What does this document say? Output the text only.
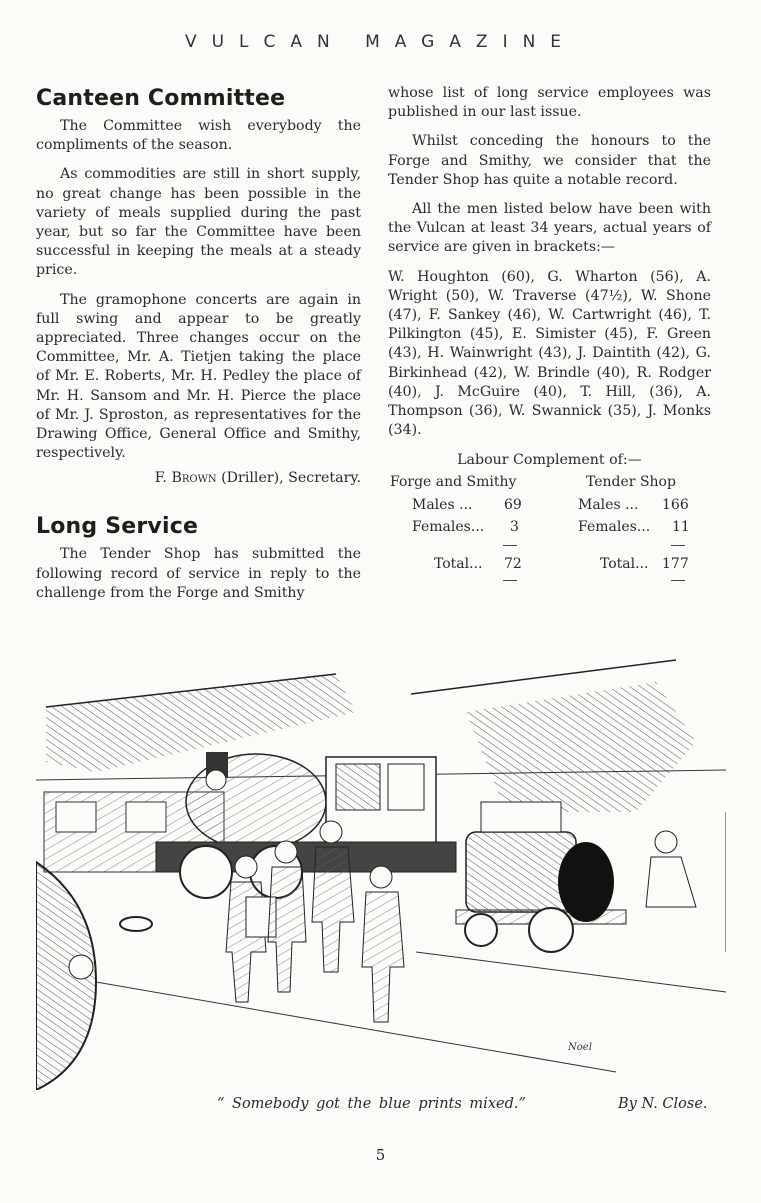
VULCAN MAGAZINE
Canteen Committee

The Committee wish everybody the compliments of the season.

As commodities are still in short supply, no great change has been possible in the variety of meals supplied during the past year, but so far the Committee have been successful in keeping the meals at a steady price.

The gramophone concerts are again in full swing and appear to be greatly appreciated. Three changes occur on the Committee, Mr. A. Tietjen taking the place of Mr. E. Roberts, Mr. H. Pedley the place of Mr. H. Sansom and Mr. H. Pierce the place of Mr. J. Sproston, as representatives for the Drawing Office, General Office and Smithy, respectively.

F. Brown (Driller), Secretary.
Long Service

The Tender Shop has submitted the following record of service in reply to the challenge from the Forge and Smithy

whose list of long service employees was published in our last issue.

Whilst conceding the honours to the Forge and Smithy, we consider that the Tender Shop has quite a notable record.

All the men listed below have been with the Vulcan at least 34 years, actual years of service are given in brackets:—

W. Houghton (60), G. Wharton (56), A. Wright (50), W. Traverse (47½), W. Shone (47), F. Sankey (46), W. Cartwright (46), T. Pilkington (45), E. Simister (45), F. Green (43), H. Wainwright (43), J. Daintith (42), G. Birkinhead (42), W. Brindle (40), R. Rodger (40), J. McGuire (40), T. Hill, (36), A. Thompson (36), W. Swannick (35), J. Monks (34).

Labour Complement of:—
Forge and Smithy	Tender Shop
Males ... 69	Males ... 166
Females... 3	Females... 11
Total... 72	Total... 177
Noel
“ Somebody got the blue prints mixed.”	By N. Close.
5
